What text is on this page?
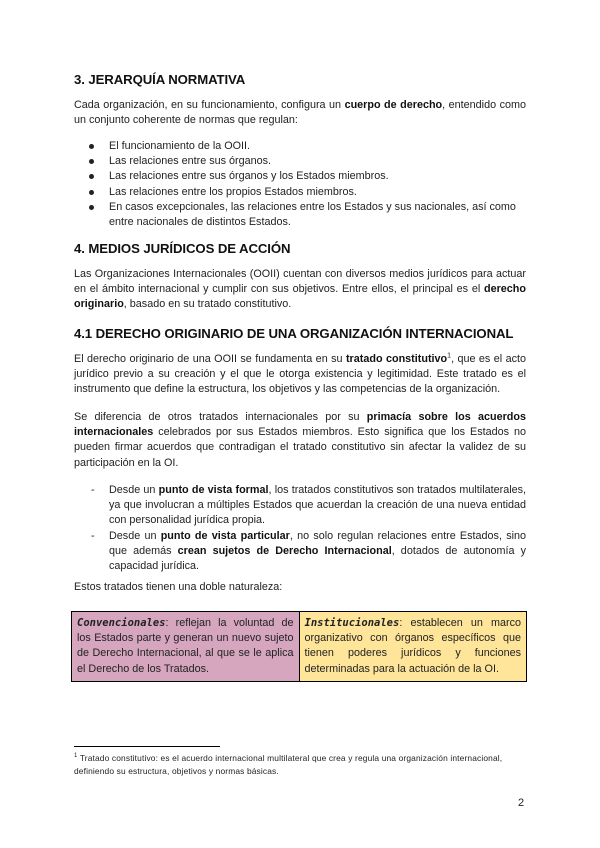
3. JERARQUÍA NORMATIVA

Cada organización, en su funcionamiento, configura un cuerpo de derecho, entendido como un conjunto coherente de normas que regulan:

El funcionamiento de la OOII.
Las relaciones entre sus órganos.
Las relaciones entre sus órganos y los Estados miembros.
Las relaciones entre los propios Estados miembros.
En casos excepcionales, las relaciones entre los Estados y sus nacionales, así como entre nacionales de distintos Estados.
4. MEDIOS JURÍDICOS DE ACCIÓN

Las Organizaciones Internacionales (OOII) cuentan con diversos medios jurídicos para actuar en el ámbito internacional y cumplir con sus objetivos. Entre ellos, el principal es el derecho originario, basado en su tratado constitutivo.

4.1 DERECHO ORIGINARIO DE UNA ORGANIZACIÓN INTERNACIONAL

El derecho originario de una OOII se fundamenta en su tratado constitutivo$^1$, que es el acto jurídico previo a su creación y el que le otorga existencia y legitimidad. Este tratado es el instrumento que define la estructura, los objetivos y las competencias de la organización.

Se diferencia de otros tratados internacionales por su primacía sobre los acuerdos internacionales celebrados por sus Estados miembros. Esto significa que los Estados no pueden firmar acuerdos que contradigan el tratado constitutivo sin afectar la validez de su participación en la OI.

- Desde un punto de vista formal, los tratados constitutivos son tratados multilaterales, ya que involucran a múltiples Estados que acuerdan la creación de una nueva entidad con personalidad jurídica propia.
- Desde un punto de vista particular, no solo regulan relaciones entre Estados, sino que además crean sujetos de Derecho Internacional, dotados de autonomía y capacidad jurídica.

Estos tratados tienen una doble naturaleza:

Convencionales: reflejan la voluntad de los Estados parte y generan un nuevo sujeto de Derecho Internacional, al que se le aplica el Derecho de los Tratados.	Institucionales: establecen un marco organizativo con órganos específicos que tienen poderes jurídicos y funciones determinadas para la actuación de la OI.
$^1$ Tratado constitutivo: es el acuerdo internacional multilateral que crea y regula una organización internacional, definiendo su estructura, objetivos y normas básicas.
2
